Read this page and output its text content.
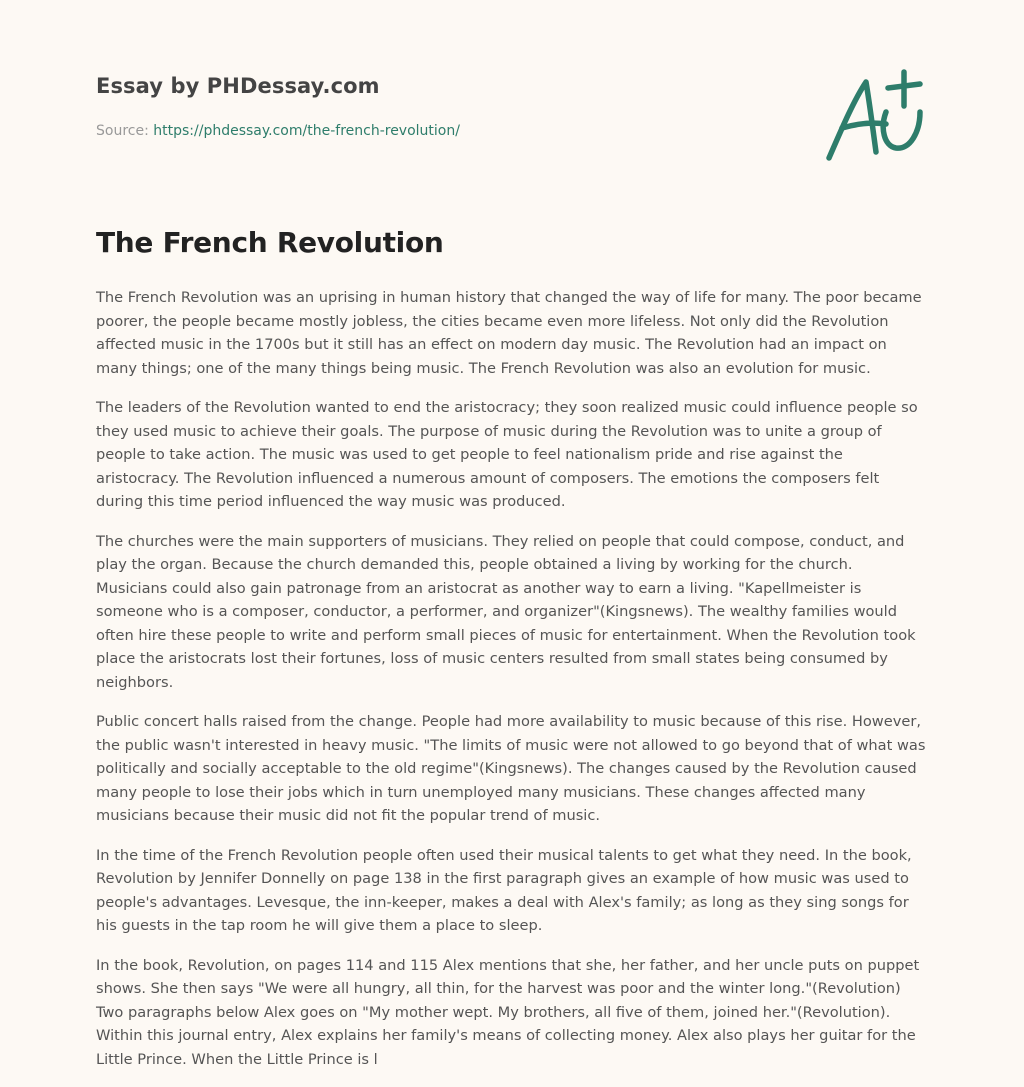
Essay by PHDessay.com
Source: https://phdessay.com/the-french-revolution/
The French Revolution

The French Revolution was an uprising in human history that changed the way of life for many. The poor became poorer, the people became mostly jobless, the cities became even more lifeless. Not only did the Revolution affected music in the 1700s but it still has an effect on modern day music. The Revolution had an impact on many things; one of the many things being music. The French Revolution was also an evolution for music.

The leaders of the Revolution wanted to end the aristocracy; they soon realized music could influence people so they used music to achieve their goals. The purpose of music during the Revolution was to unite a group of people to take action. The music was used to get people to feel nationalism pride and rise against the aristocracy. The Revolution influenced a numerous amount of composers. The emotions the composers felt during this time period influenced the way music was produced.

The churches were the main supporters of musicians. They relied on people that could compose, conduct, and play the organ. Because the church demanded this, people obtained a living by working for the church. Musicians could also gain patronage from an aristocrat as another way to earn a living. "Kapellmeister is someone who is a composer, conductor, a performer, and organizer"(Kingsnews). The wealthy families would often hire these people to write and perform small pieces of music for entertainment. When the Revolution took place the aristocrats lost their fortunes, loss of music centers resulted from small states being consumed by neighbors.

Public concert halls raised from the change. People had more availability to music because of this rise. However, the public wasn't interested in heavy music. "The limits of music were not allowed to go beyond that of what was politically and socially acceptable to the old regime"(Kingsnews). The changes caused by the Revolution caused many people to lose their jobs which in turn unemployed many musicians. These changes affected many musicians because their music did not fit the popular trend of music.

In the time of the French Revolution people often used their musical talents to get what they need. In the book, Revolution by Jennifer Donnelly on page 138 in the first paragraph gives an example of how music was used to people's advantages. Levesque, the inn-keeper, makes a deal with Alex's family; as long as they sing songs for his guests in the tap room he will give them a place to sleep.

In the book, Revolution, on pages 114 and 115 Alex mentions that she, her father, and her uncle puts on puppet shows. She then says "We were all hungry, all thin, for the harvest was poor and the winter long."(Revolution) Two paragraphs below Alex goes on "My mother wept. My brothers, all five of them, joined her."(Revolution). Within this journal entry, Alex explains her family's means of collecting money. Alex also plays her guitar for the Little Prince. When the Little Prince is l
